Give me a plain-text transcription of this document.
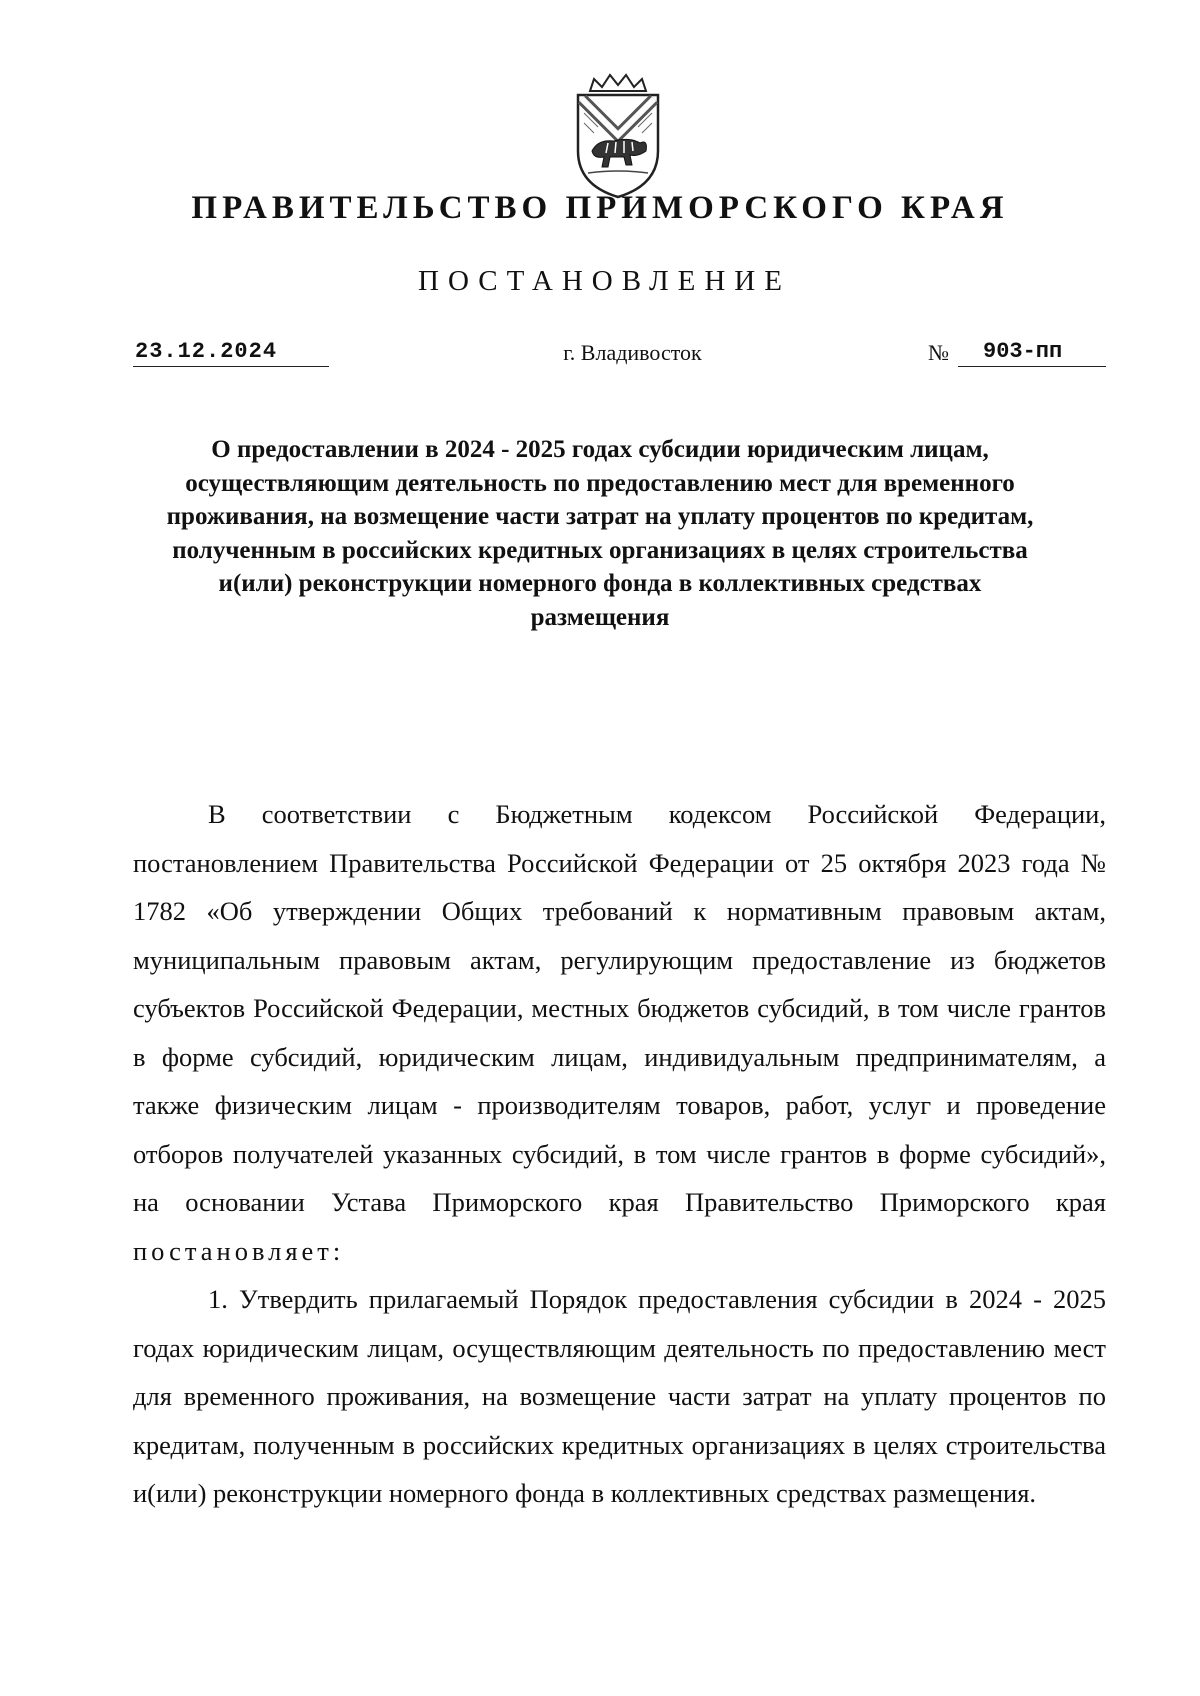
ПРАВИТЕЛЬСТВО ПРИМОРСКОГО КРАЯ
ПОСТАНОВЛЕНИЕ
23.12.2024	г. Владивосток	№	903-пп
О предоставлении в 2024 - 2025 годах субсидии юридическим лицам, осуществляющим деятельность по предоставлению мест для временного проживания, на возмещение части затрат на уплату процентов по кредитам, полученным в российских кредитных организациях в целях строительства и(или) реконструкции номерного фонда в коллективных средствах размещения

В соответствии с Бюджетным кодексом Российской Федерации, постановлением Правительства Российской Федерации от 25 октября 2023 года № 1782 «Об утверждении Общих требований к нормативным правовым актам, муниципальным правовым актам, регулирующим предоставление из бюджетов субъектов Российской Федерации, местных бюджетов субсидий, в том числе грантов в форме субсидий, юридическим лицам, индивидуальным предпринимателям, а также физическим лицам - производителям товаров, работ, услуг и проведение отборов получателей указанных субсидий, в том числе грантов в форме субсидий», на основании Устава Приморского края Правительство Приморского края постановляет:

1. Утвердить прилагаемый Порядок предоставления субсидии в 2024 - 2025 годах юридическим лицам, осуществляющим деятельность по предоставлению мест для временного проживания, на возмещение части затрат на уплату процентов по кредитам, полученным в российских кредитных организациях в целях строительства и(или) реконструкции номерного фонда в коллективных средствах размещения.
